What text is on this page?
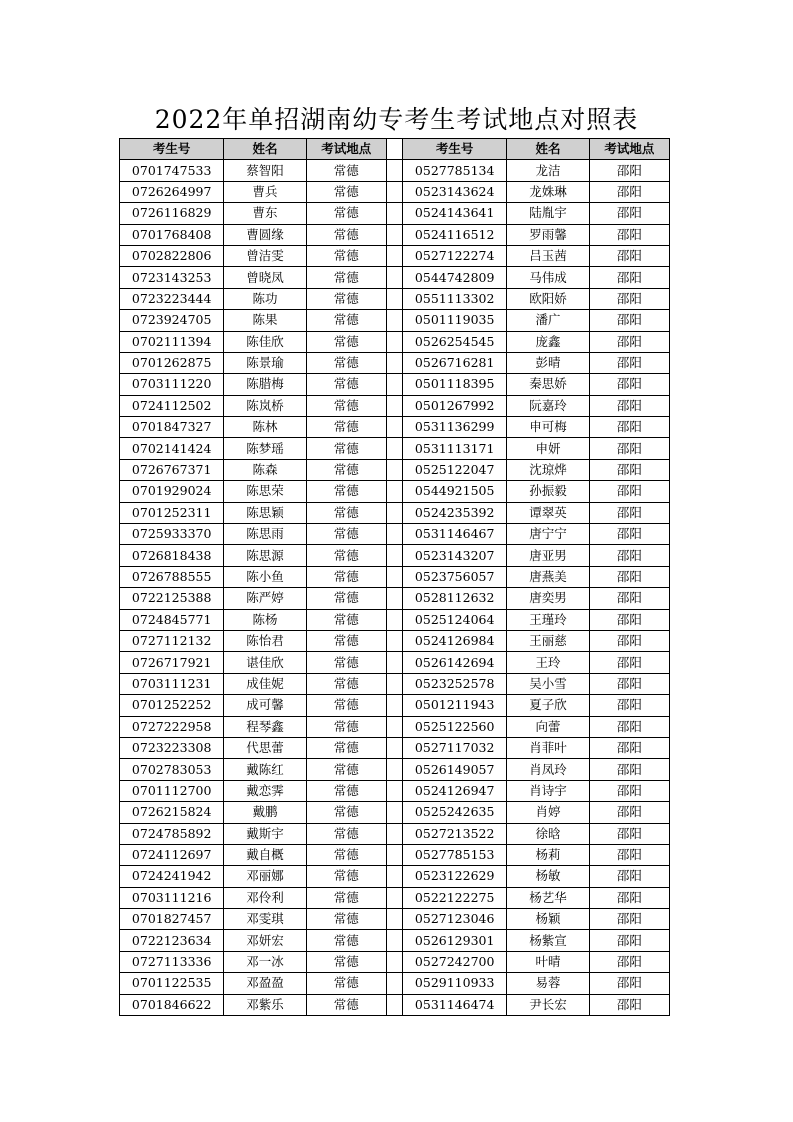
2022年单招湖南幼专考生考试地点对照表
考生号	姓名	考试地点		考生号	姓名	考试地点
0701747533	蔡智阳	常德		0527785134	龙洁	邵阳
0726264997	曹兵	常德		0523143624	龙姝琳	邵阳
0726116829	曹东	常德		0524143641	陆胤宇	邵阳
0701768408	曹圆缘	常德		0524116512	罗雨馨	邵阳
0702822806	曾洁雯	常德		0527122274	吕玉茜	邵阳
0723143253	曾晓凤	常德		0544742809	马伟成	邵阳
0723223444	陈功	常德		0551113302	欧阳娇	邵阳
0723924705	陈果	常德		0501119035	潘广	邵阳
0702111394	陈佳欣	常德		0526254545	庞鑫	邵阳
0701262875	陈景瑜	常德		0526716281	彭晴	邵阳
0703111220	陈腊梅	常德		0501118395	秦思娇	邵阳
0724112502	陈岚桥	常德		0501267992	阮嘉玲	邵阳
0701847327	陈林	常德		0531136299	申可梅	邵阳
0702141424	陈梦瑶	常德		0531113171	申妍	邵阳
0726767371	陈森	常德		0525122047	沈琼烨	邵阳
0701929024	陈思荣	常德		0544921505	孙振毅	邵阳
0701252311	陈思颖	常德		0524235392	谭翠英	邵阳
0725933370	陈思雨	常德		0531146467	唐宁宁	邵阳
0726818438	陈思源	常德		0523143207	唐亚男	邵阳
0726788555	陈小鱼	常德		0523756057	唐燕美	邵阳
0722125388	陈严婷	常德		0528112632	唐奕男	邵阳
0724845771	陈杨	常德		0525124064	王瑾玲	邵阳
0727112132	陈怡君	常德		0524126984	王丽慈	邵阳
0726717921	谌佳欣	常德		0526142694	王玲	邵阳
0703111231	成佳妮	常德		0523252578	吴小雪	邵阳
0701252252	成可馨	常德		0501211943	夏子欣	邵阳
0727222958	程琴鑫	常德		0525122560	向蕾	邵阳
0723223308	代思蕾	常德		0527117032	肖菲叶	邵阳
0702783053	戴陈红	常德		0526149057	肖凤玲	邵阳
0701112700	戴恋霁	常德		0524126947	肖诗宇	邵阳
0726215824	戴鹏	常德		0525242635	肖婷	邵阳
0724785892	戴斯宇	常德		0527213522	徐晗	邵阳
0724112697	戴自概	常德		0527785153	杨莉	邵阳
0724241942	邓丽娜	常德		0523122629	杨敏	邵阳
0703111216	邓伶利	常德		0522122275	杨艺华	邵阳
0701827457	邓雯琪	常德		0527123046	杨颖	邵阳
0722123634	邓妍宏	常德		0526129301	杨紫宣	邵阳
0727113336	邓一冰	常德		0527242700	叶晴	邵阳
0701122535	邓盈盈	常德		0529110933	易蓉	邵阳
0701846622	邓紫乐	常德		0531146474	尹长宏	邵阳
